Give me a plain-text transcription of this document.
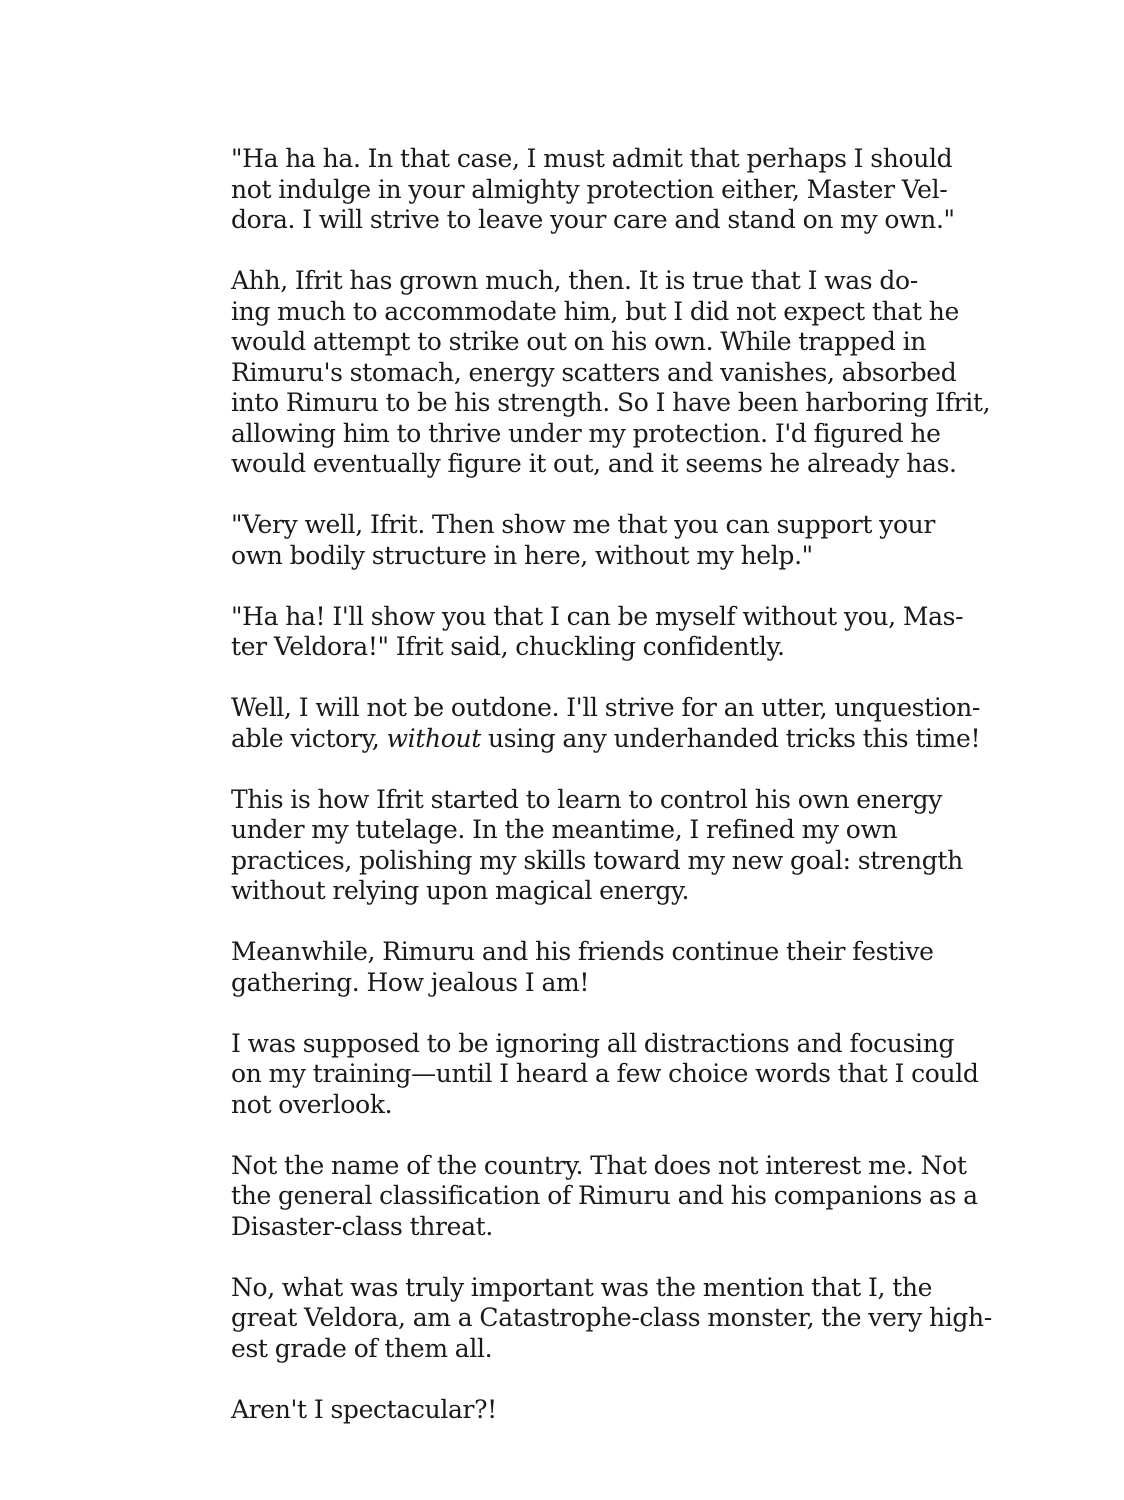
"Ha ha ha. In that case, I must admit that perhaps I should
not indulge in your almighty protection either, Master Vel-
dora. I will strive to leave your care and stand on my own."

Ahh, Ifrit has grown much, then. It is true that I was do-
ing much to accommodate him, but I did not expect that he
would attempt to strike out on his own. While trapped in
Rimuru's stomach, energy scatters and vanishes, absorbed
into Rimuru to be his strength. So I have been harboring Ifrit,
allowing him to thrive under my protection. I'd figured he
would eventually figure it out, and it seems he already has.

"Very well, Ifrit. Then show me that you can support your
own bodily structure in here, without my help."

"Ha ha! I'll show you that I can be myself without you, Mas-
ter Veldora!" Ifrit said, chuckling confidently.

Well, I will not be outdone. I'll strive for an utter, unquestion-
able victory, without using any underhanded tricks this time!

This is how Ifrit started to learn to control his own energy
under my tutelage. In the meantime, I refined my own
practices, polishing my skills toward my new goal: strength
without relying upon magical energy.

Meanwhile, Rimuru and his friends continue their festive
gathering. How jealous I am!

I was supposed to be ignoring all distractions and focusing
on my training—until I heard a few choice words that I could
not overlook.

Not the name of the country. That does not interest me. Not
the general classification of Rimuru and his companions as a
Disaster-class threat.

No, what was truly important was the mention that I, the
great Veldora, am a Catastrophe-class monster, the very high-
est grade of them all.

Aren't I spectacular?!
